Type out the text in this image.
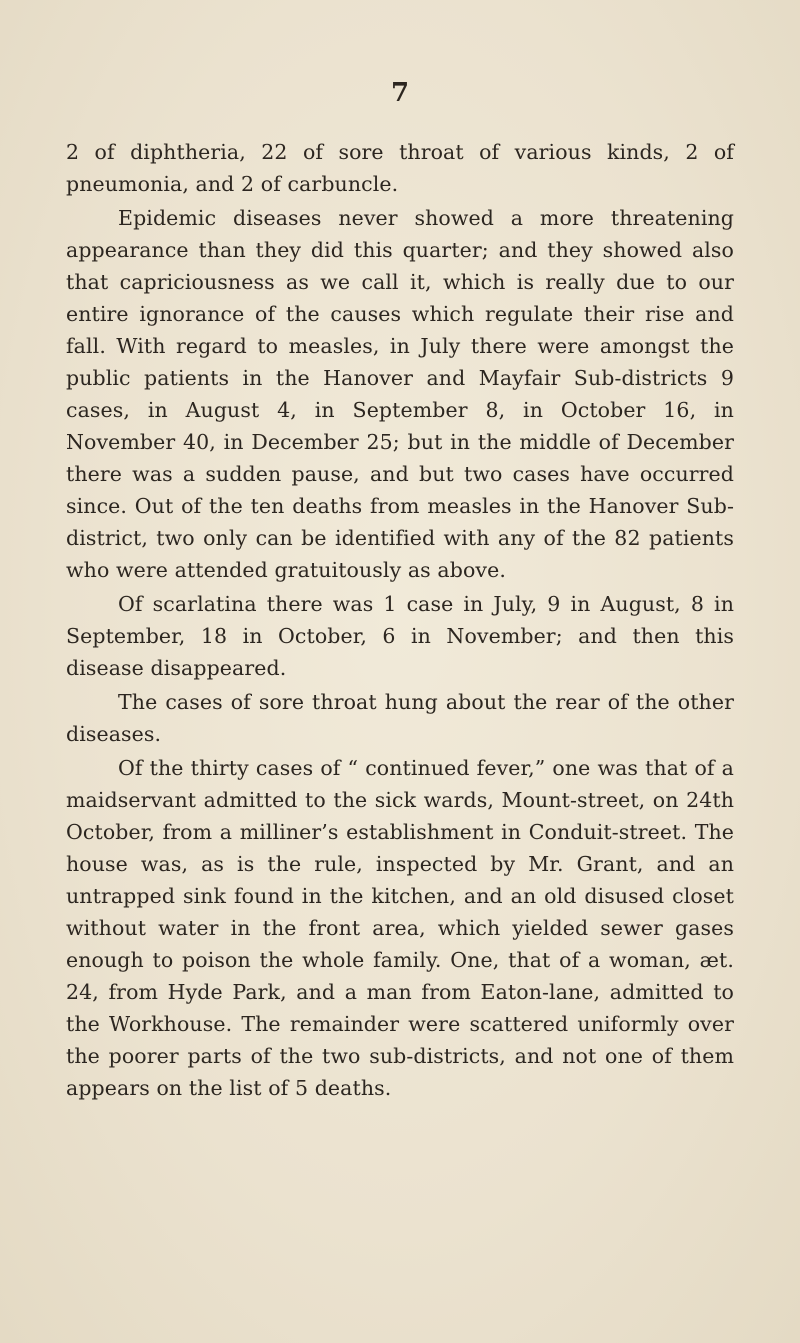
7

2 of diphtheria, 22 of sore throat of various kinds, 2 of pneumonia, and 2 of carbuncle.

Epidemic diseases never showed a more threatening appearance than they did this quarter; and they showed also that capriciousness as we call it, which is really due to our entire ignorance of the causes which regulate their rise and fall. With regard to measles, in July there were amongst the public patients in the Hanover and Mayfair Sub-districts 9 cases, in August 4, in September 8, in October 16, in November 40, in December 25; but in the middle of December there was a sudden pause, and but two cases have occurred since. Out of the ten deaths from measles in the Hanover Sub-district, two only can be identified with any of the 82 patients who were attended gratuitously as above.

Of scarlatina there was 1 case in July, 9 in August, 8 in September, 18 in October, 6 in November; and then this disease disappeared.

The cases of sore throat hung about the rear of the other diseases.

Of the thirty cases of “ continued fever,” one was that of a maidservant admitted to the sick wards, Mount-street, on 24th October, from a milliner’s establishment in Conduit-street. The house was, as is the rule, inspected by Mr. Grant, and an untrapped sink found in the kitchen, and an old disused closet without water in the front area, which yielded sewer gases enough to poison the whole family. One, that of a woman, æt. 24, from Hyde Park, and a man from Eaton-lane, admitted to the Workhouse. The remainder were scattered uniformly over the poorer parts of the two sub-districts, and not one of them appears on the list of 5 deaths.
